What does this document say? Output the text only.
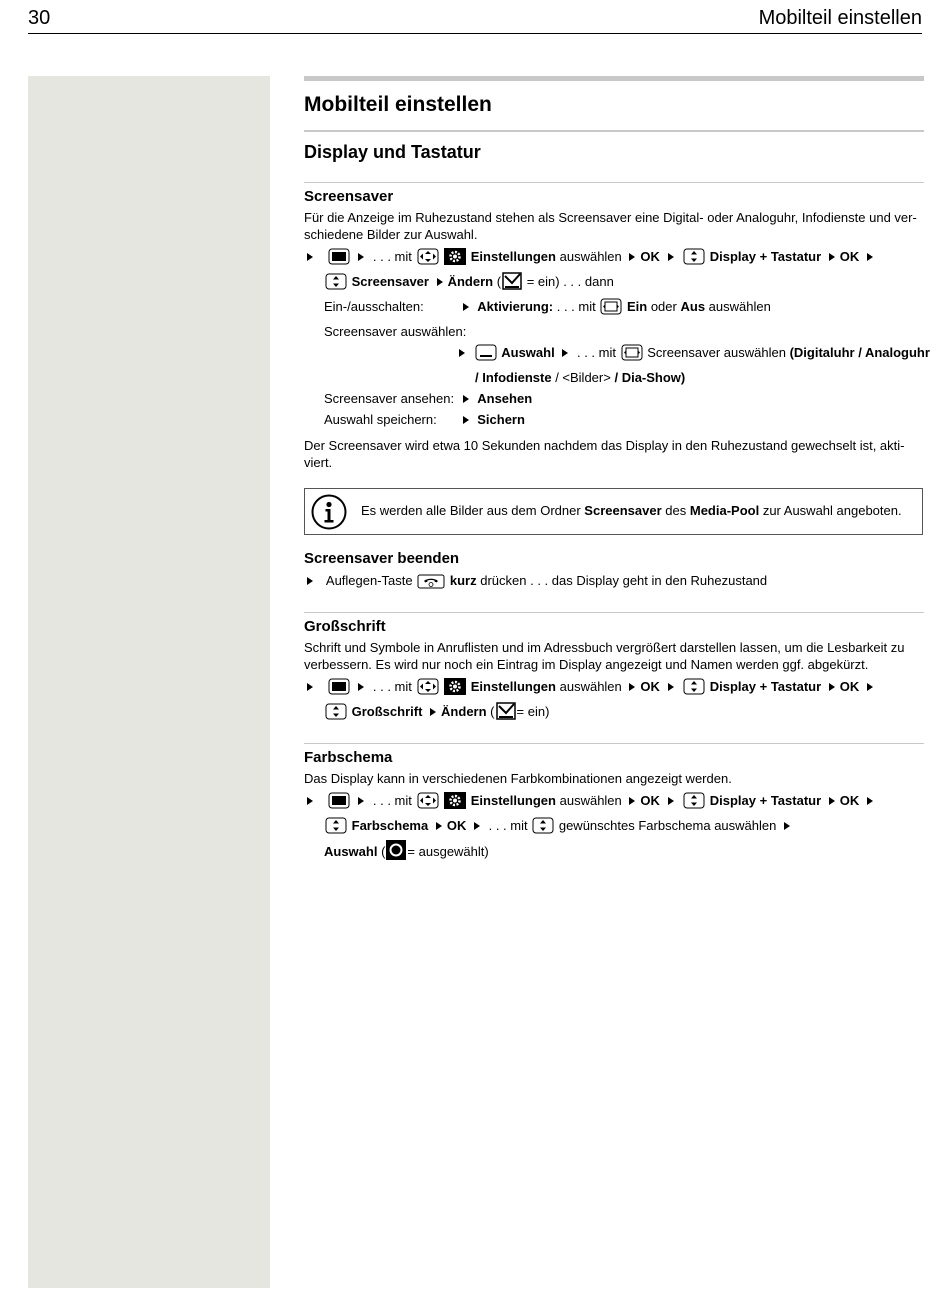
30	Mobilteil einstellen
Mobilteil einstellen
Display und Tastatur
Screensaver

Für die Anzeige im Ruhezustand stehen als Screensaver eine Digital- oder Analoguhr, Infodienste und ver-

schiedene Bilder zur Auswahl.

. . . mit	Einstellungen auswählen OK	Display + Tastatur OK
Screensaver Ändern ( = ein) . . . dann
Ein-/ausschalten:	Aktivierung: . . . mit Ein oder Aus auswählen
Screensaver auswählen:
Auswahl . . . mit Screensaver auswählen (Digitaluhr / Analoguhr
/ Infodienste / <Bilder> / Dia-Show)
Screensaver ansehen: Ansehen
Auswahl speichern:	Sichern

Der Screensaver wird etwa 10 Sekunden nachdem das Display in den Ruhezustand gewechselt ist, akti-

viert.

Es werden alle Bilder aus dem Ordner Screensaver des Media-Pool zur Auswahl angeboten.
Screensaver beenden
Auflegen-Taste	kurz drücken . . . das Display geht in den Ruhezustand
Großschrift

Schrift und Symbole in Anruflisten und im Adressbuch vergrößert darstellen lassen, um die Lesbarkeit zu

verbessern. Es wird nur noch ein Eintrag im Display angezeigt und Namen werden ggf. abgekürzt.

. . . mit	Einstellungen auswählen OK	Display + Tastatur OK
Großschrift Ändern ( = ein)
Farbschema

Das Display kann in verschiedenen Farbkombinationen angezeigt werden.

. . . mit	Einstellungen auswählen OK	Display + Tastatur OK
Farbschema OK . . . mit gewünschtes Farbschema auswählen
Auswahl ( = ausgewählt)
